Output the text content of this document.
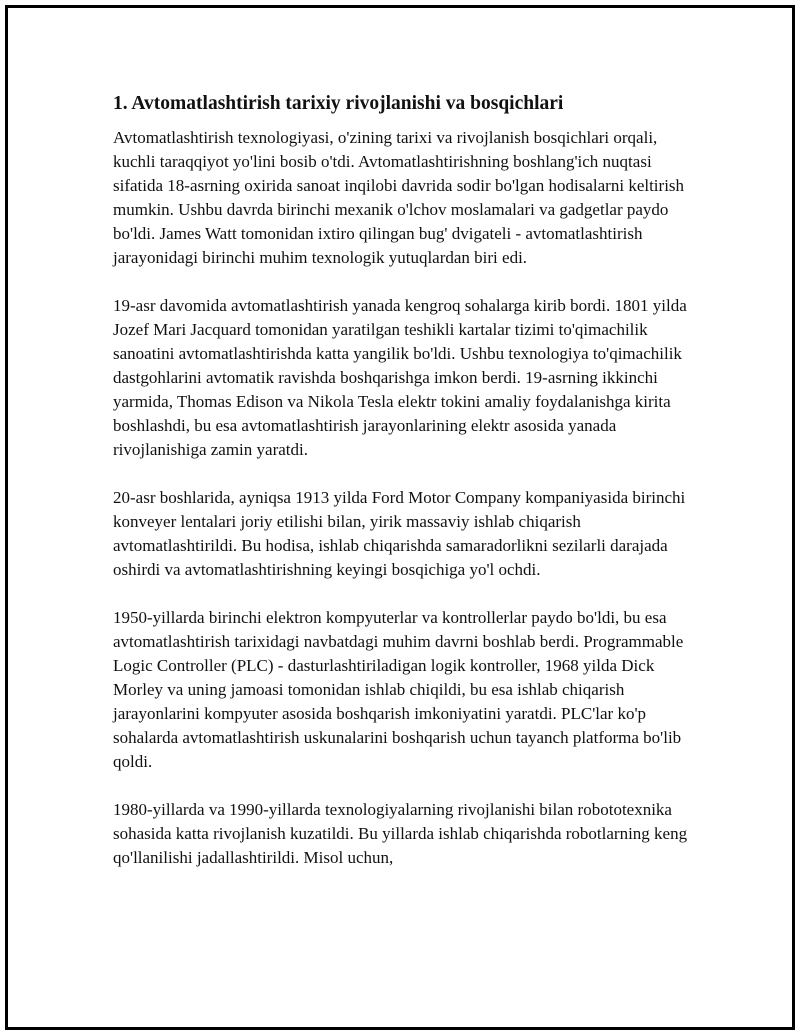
1. Avtomatlashtirish tarixiy rivojlanishi va bosqichlari

Avtomatlashtirish texnologiyasi, o'zining tarixi va rivojlanish bosqichlari orqali, kuchli taraqqiyot yo'lini bosib o'tdi. Avtomatlashtirishning boshlang'ich nuqtasi sifatida 18-asrning oxirida sanoat inqilobi davrida sodir bo'lgan hodisalarni keltirish mumkin. Ushbu davrda birinchi mexanik o'lchov moslamalari va gadgetlar paydo bo'ldi. James Watt tomonidan ixtiro qilingan bug' dvigateli - avtomatlashtirish jarayonidagi birinchi muhim texnologik yutuqlardan biri edi.

19-asr davomida avtomatlashtirish yanada kengroq sohalarga kirib bordi. 1801 yilda Jozef Mari Jacquard tomonidan yaratilgan teshikli kartalar tizimi to'qimachilik sanoatini avtomatlashtirishda katta yangilik bo'ldi. Ushbu texnologiya to'qimachilik dastgohlarini avtomatik ravishda boshqarishga imkon berdi. 19-asrning ikkinchi yarmida, Thomas Edison va Nikola Tesla elektr tokini amaliy foydalanishga kirita boshlashdi, bu esa avtomatlashtirish jarayonlarining elektr asosida yanada rivojlanishiga zamin yaratdi.

20-asr boshlarida, ayniqsa 1913 yilda Ford Motor Company kompaniyasida birinchi konveyer lentalari joriy etilishi bilan, yirik massaviy ishlab chiqarish avtomatlashtirildi. Bu hodisa, ishlab chiqarishda samaradorlikni sezilarli darajada oshirdi va avtomatlashtirishning keyingi bosqichiga yo'l ochdi.

1950-yillarda birinchi elektron kompyuterlar va kontrollerlar paydo bo'ldi, bu esa avtomatlashtirish tarixidagi navbatdagi muhim davrni boshlab berdi. Programmable Logic Controller (PLC) - dasturlashtiriladigan logik kontroller, 1968 yilda Dick Morley va uning jamoasi tomonidan ishlab chiqildi, bu esa ishlab chiqarish jarayonlarini kompyuter asosida boshqarish imkoniyatini yaratdi. PLC'lar ko'p sohalarda avtomatlashtirish uskunalarini boshqarish uchun tayanch platforma bo'lib qoldi.

1980-yillarda va 1990-yillarda texnologiyalarning rivojlanishi bilan robototexnika sohasida katta rivojlanish kuzatildi. Bu yillarda ishlab chiqarishda robotlarning keng qo'llanilishi jadallashtirildi. Misol uchun,
